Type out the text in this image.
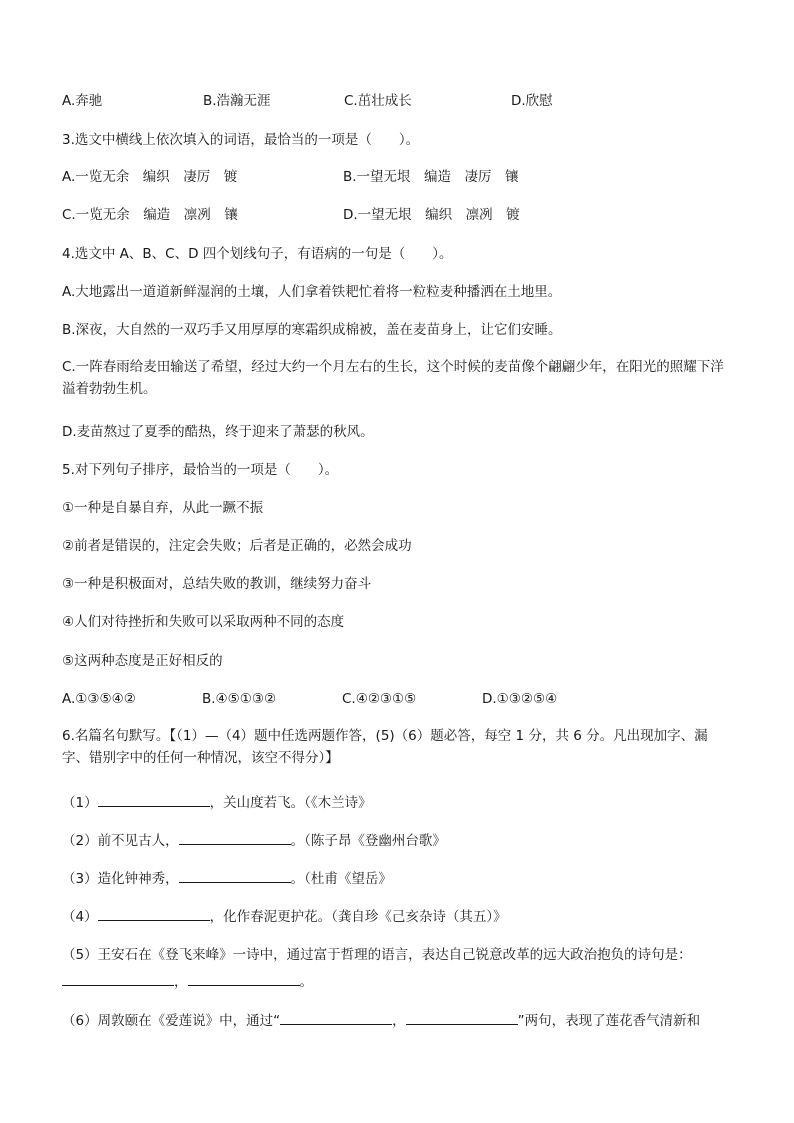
A.奔驰	B.浩瀚无涯	C.茁壮成长	D.欣慰
3.选文中横线上依次填入的词语，最恰当的一项是（　　）。
A.一览无余　编织　凄厉　镀	B.一望无垠　编造　凄厉　镶
C.一览无余　编造　凛冽　镶	D.一望无垠　编织　凛冽　镀
4.选文中 A、B、C、D 四个划线句子，有语病的一句是（　　）。
A.大地露出一道道新鲜湿润的土壤，人们拿着铁耙忙着将一粒粒麦种播洒在土地里。
B.深夜，大自然的一双巧手又用厚厚的寒霜织成棉被，盖在麦苗身上，让它们安睡。
C.一阵春雨给麦田输送了希望，经过大约一个月左右的生长，这个时候的麦苗像个翩翩少年，在阳光的照耀下洋溢着勃勃生机。
D.麦苗熬过了夏季的酷热，终于迎来了萧瑟的秋风。
5.对下列句子排序，最恰当的一项是（　　）。
①一种是自暴自弃，从此一蹶不振
②前者是错误的，注定会失败；后者是正确的，必然会成功
③一种是积极面对，总结失败的教训，继续努力奋斗
④人们对待挫折和失败可以采取两种不同的态度
⑤这两种态度是正好相反的
A.①③⑤④②	B.④⑤①③②	C.④②③①⑤	D.①③②⑤④
6.名篇名句默写。【（1）—（4）题中任选两题作答，(5)（6）题必答，每空 1 分，共 6 分。凡出现加字、漏字、错别字中的任何一种情况，该空不得分）】
（1）	，关山度若飞。（《木兰诗》
（2）前不见古人，	。（陈子昂《登幽州台歌》
（3）造化钟神秀，	。（杜甫《望岳》
（4）	，化作春泥更护花。（龚自珍《己亥杂诗（其五）》
（5）王安石在《登飞来峰》一诗中，通过富于哲理的语言，表达自己锐意改革的远大政治抱负的诗句是：
，	。
（6）周敦颐在《爱莲说》中，通过“	，	”两句，表现了莲花香气清新和
